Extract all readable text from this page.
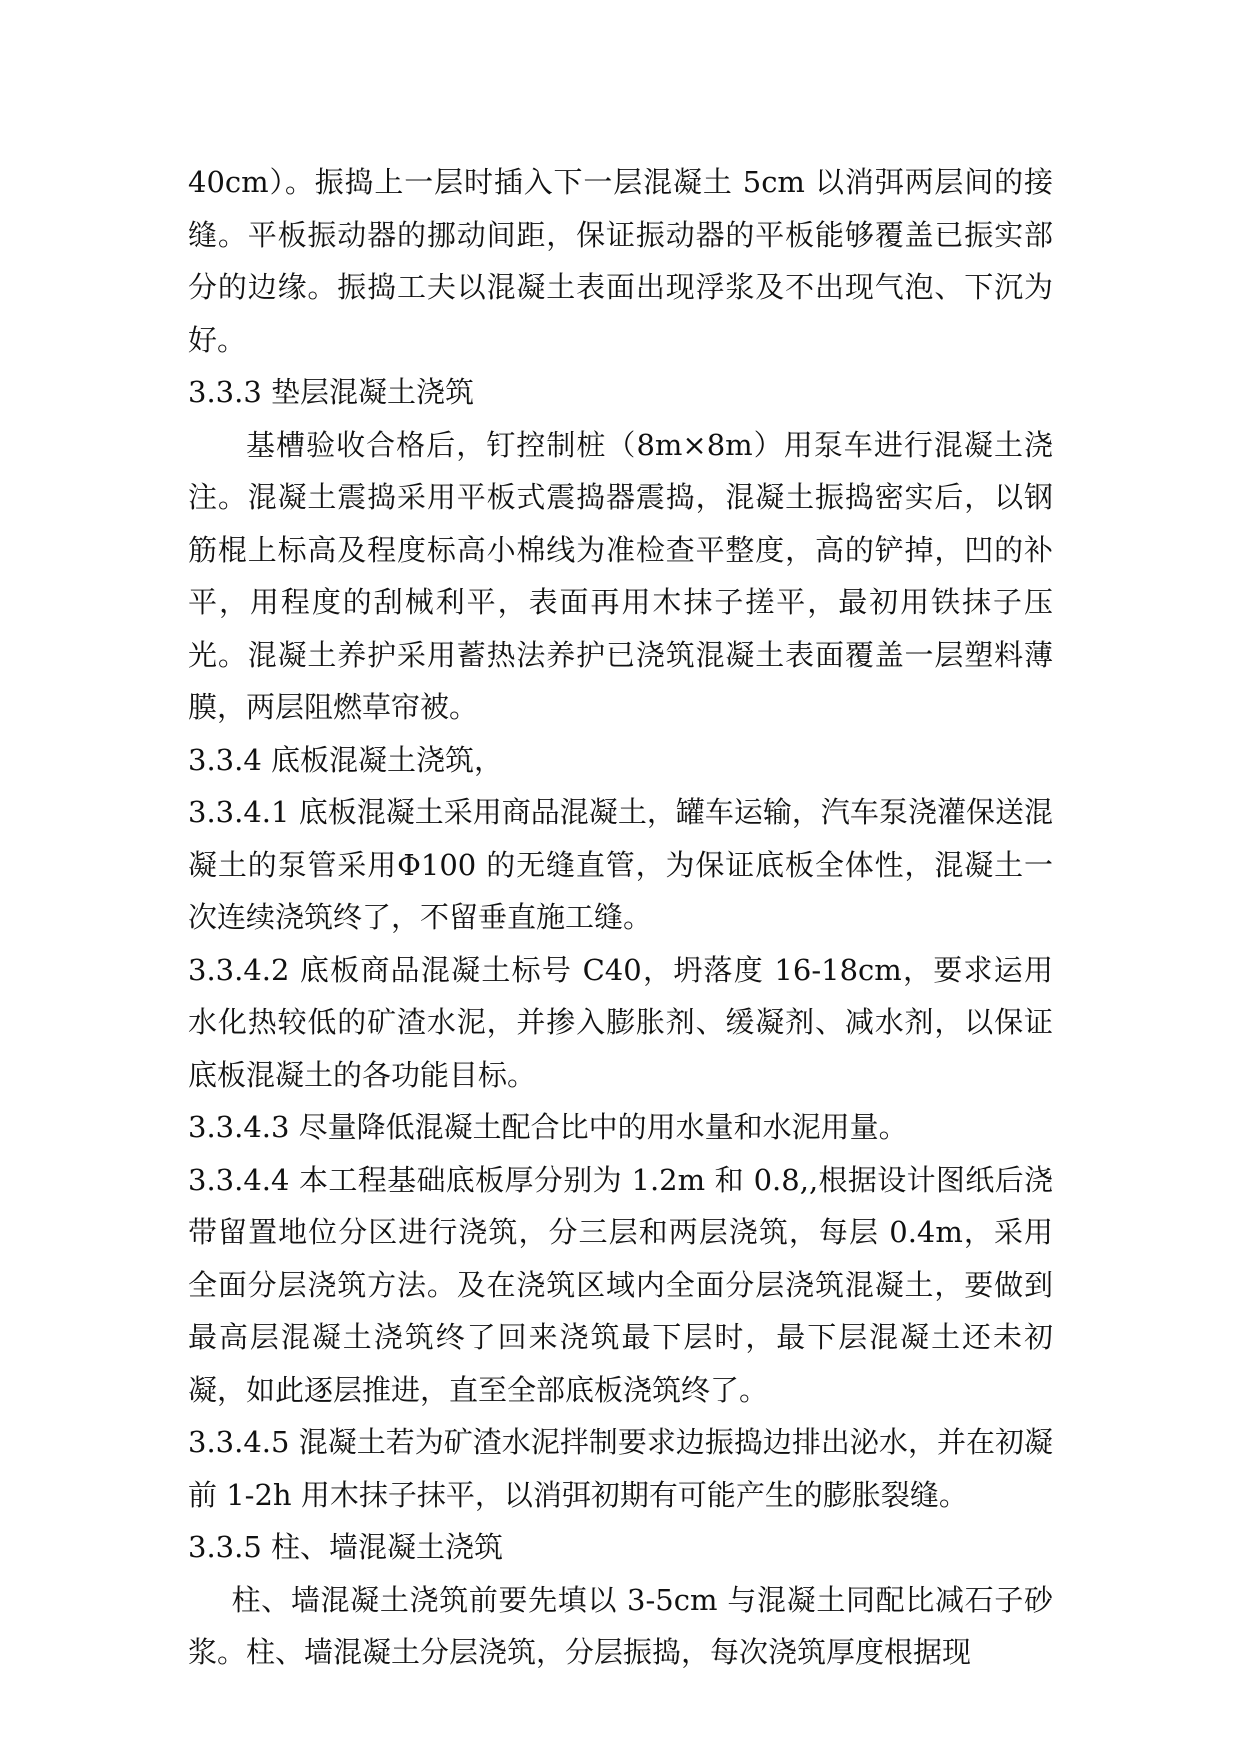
40cm）。振捣上一层时插入下一层混凝土 5cm 以消弭两层间的接缝。平板振动器的挪动间距，保证振动器的平板能够覆盖已振实部分的边缘。振捣工夫以混凝土表面出现浮浆及不出现气泡、下沉为好。

3.3.3 垫层混凝土浇筑

基槽验收合格后，钉控制桩（8m×8m）用泵车进行混凝土浇注。混凝土震捣采用平板式震捣器震捣，混凝土振捣密实后，以钢筋棍上标高及程度标高小棉线为准检查平整度，高的铲掉，凹的补平，用程度的刮械利平，表面再用木抹子搓平，最初用铁抹子压光。混凝土养护采用蓄热法养护已浇筑混凝土表面覆盖一层塑料薄膜，两层阻燃草帘被。

3.3.4 底板混凝土浇筑，

3.3.4.1 底板混凝土采用商品混凝土，罐车运输，汽车泵浇灌保送混凝土的泵管采用Φ100 的无缝直管，为保证底板全体性，混凝土一次连续浇筑终了，不留垂直施工缝。

3.3.4.2 底板商品混凝土标号 C40，坍落度 16-18cm，要求运用水化热较低的矿渣水泥，并掺入膨胀剂、缓凝剂、减水剂，以保证底板混凝土的各功能目标。

3.3.4.3 尽量降低混凝土配合比中的用水量和水泥用量。

3.3.4.4 本工程基础底板厚分别为 1.2m 和 0.8,,根据设计图纸后浇带留置地位分区进行浇筑，分三层和两层浇筑，每层 0.4m，采用全面分层浇筑方法。及在浇筑区域内全面分层浇筑混凝土，要做到最高层混凝土浇筑终了回来浇筑最下层时，最下层混凝土还未初凝，如此逐层推进，直至全部底板浇筑终了。

3.3.4.5 混凝土若为矿渣水泥拌制要求边振捣边排出泌水，并在初凝前 1-2h 用木抹子抹平，以消弭初期有可能产生的膨胀裂缝。

3.3.5 柱、墙混凝土浇筑

柱、墙混凝土浇筑前要先填以 3-5cm 与混凝土同配比减石子砂浆。柱、墙混凝土分层浇筑，分层振捣，每次浇筑厚度根据现
